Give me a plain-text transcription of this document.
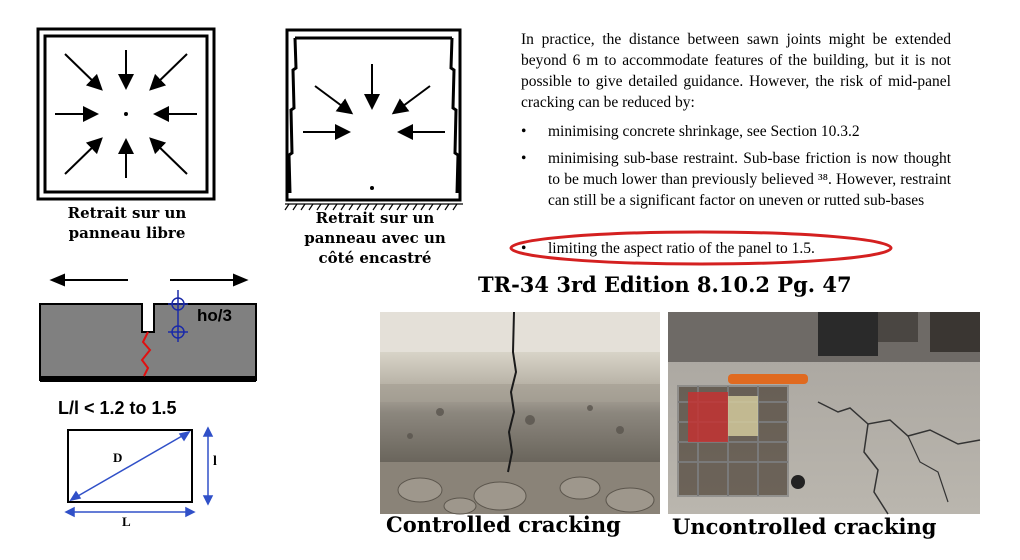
Retrait sur un
panneau libre
Retrait sur un
panneau avec un
côté encastré
ho/3
L/l < 1.2 to 1.5
D	l
L
In practice, the distance between sawn joints might be extended beyond 6 m to accommodate features of the building, but it is not possible to give detailed guidance. However, the risk of mid-panel cracking can be reduced by:
• minimising concrete shrinkage, see Section 10.3.2
• minimising sub-base restraint. Sub-base friction is now thought to be much lower than previously believed ³⁸. However, restraint can still be a significant factor on uneven or rutted sub-bases
• limiting the aspect ratio of the panel to 1.5.
TR-34 3rd Edition 8.10.2 Pg. 47
Controlled cracking Uncontrolled cracking
